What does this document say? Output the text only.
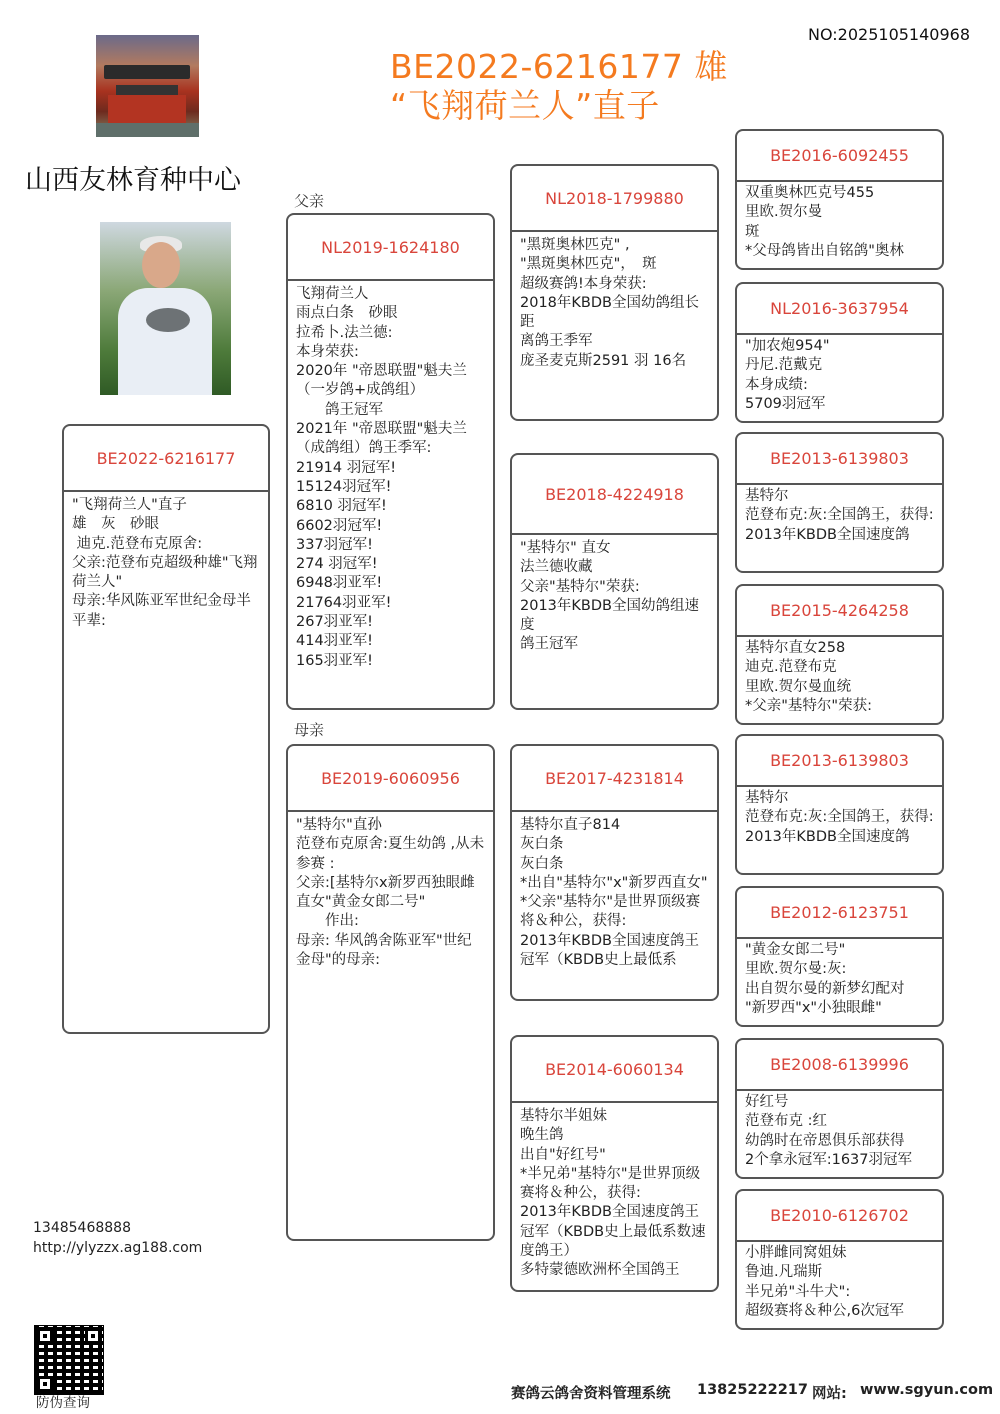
NO:2025105140968
BE2022-6216177 雄
“飞翔荷兰人”直子
山西友林育种中心
父亲
母亲
BE2022-6216177
"飞翔荷兰人"直子
雄　灰　砂眼
迪克.范登布克原舍:
父亲:范登布克超级种雄"飞翔荷兰人"
母亲:华风陈亚军世纪金母半平辈:
NL2019-1624180
飞翔荷兰人
雨点白条　砂眼
拉希卜.法兰德:
本身荣获:
2020年 "帝恩联盟"魁夫兰（一岁鸽+成鸽组）
　　鸽王冠军
2021年 "帝恩联盟"魁夫兰（成鸽组）鸽王季军:
21914 羽冠军!
15124羽冠军!
6810 羽冠军!
6602羽冠军!
337羽冠军!
274 羽冠军!
6948羽亚军!
21764羽亚军!
267羽亚军!
414羽亚军!
165羽亚军!
BE2019-6060956
"基特尔"直孙
范登布克原舍:夏生幼鸽 ,从未参赛 :
父亲:[基特尔x新罗西独眼雌直女"黄金女郎二号"
　　作出:
母亲: 华风鸽舍陈亚军"世纪金母"的母亲:
NL2018-1799880
"黑斑奥林匹克" ,
"黑斑奥林匹克"，　斑
超级赛鸽!本身荣获:
2018年KBDB全国幼鸽组长距
离鸽王季军
庞圣麦克斯2591 羽 16名
BE2018-4224918
"基特尔" 直女
法兰德收藏
父亲"基特尔"荣获:
2013年KBDB全国幼鸽组速度
鸽王冠军
BE2017-4231814
基特尔直子814
灰白条
灰白条
*出自"基特尔"x"新罗西直女"
*父亲"基特尔"是世界顶级赛将＆种公，获得:
2013年KBDB全国速度鸽王冠军（KBDB史上最低系
BE2014-6060134
基特尔半姐妹
晚生鸽
出自"好红号"
*半兄弟"基特尔"是世界顶级赛将＆种公，获得:
2013年KBDB全国速度鸽王冠军（KBDB史上最低系数速度鸽王）
多特蒙德欧洲杯全国鸽王
BE2016-6092455
双重奥林匹克号455
里欧.贺尔曼
斑
*父母鸽皆出自铭鸽"奥林
NL2016-3637954
"加农炮954"
丹尼.范戴克
本身成绩:
5709羽冠军
BE2013-6139803
基特尔
范登布克:灰:全国鸽王，获得:
2013年KBDB全国速度鸽
BE2015-4264258
基特尔直女258
迪克.范登布克
里欧.贺尔曼血统
*父亲"基特尔"荣获:
BE2013-6139803
基特尔
范登布克:灰:全国鸽王，获得:
2013年KBDB全国速度鸽
BE2012-6123751
"黄金女郎二号"
里欧.贺尔曼:灰:
出自贺尔曼的新梦幻配对
"新罗西"x"小独眼雌"
BE2008-6139996
好红号
范登布克 :红
幼鸽时在帝恩俱乐部获得
2个拿永冠军:1637羽冠军
BE2010-6126702
小胖雌同窝姐妹
鲁迪.凡瑞斯
半兄弟"斗牛犬":
超级赛将＆种公,6次冠军
13485468888
http://ylyzzx.ag188.com
防伪查询
赛鸽云鸽舍资料管理系统 13825222217 网站: www.sgyun.com
